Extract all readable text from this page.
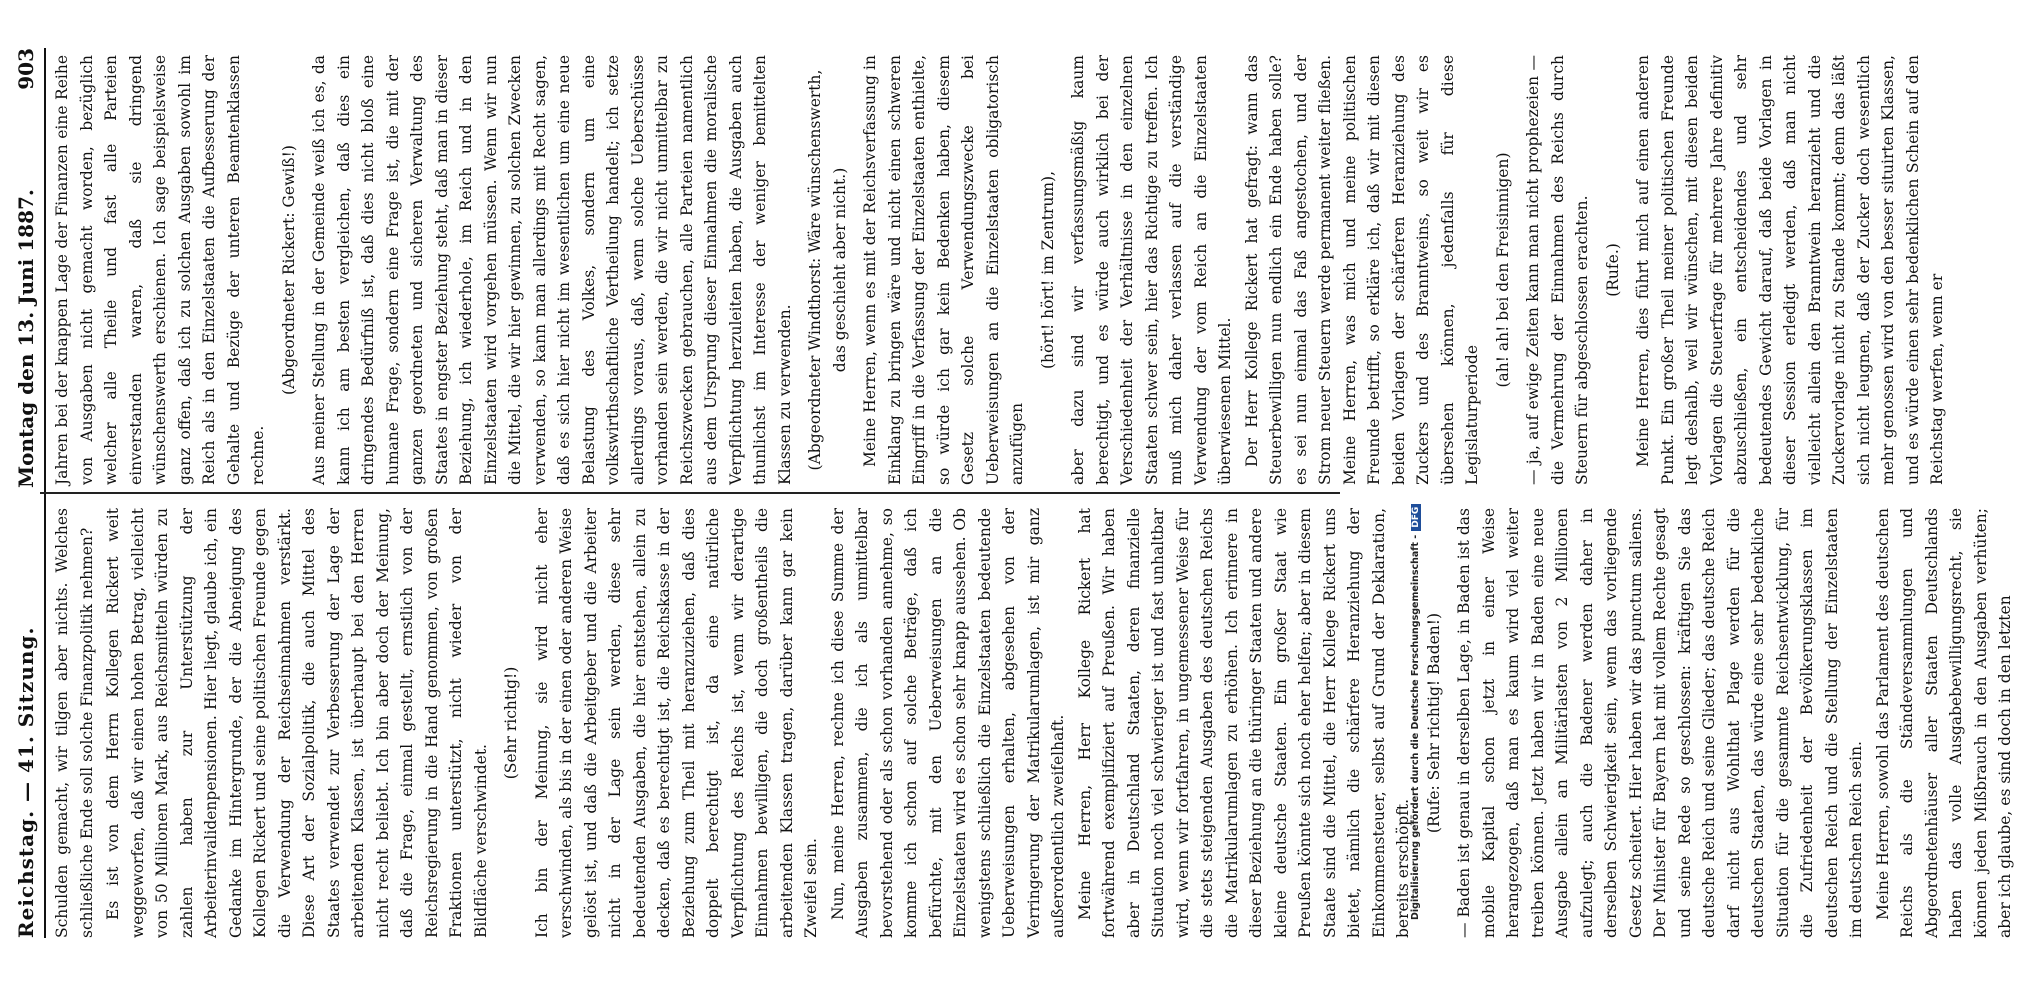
Reichstag. — 41. Sitzung.
Montag den 13. Juni 1887.
903

Schulden gemacht, wir tilgen aber nichts. Welches schließliche Ende soll solche Finanzpolitik nehmen? Es ist von dem Herrn Kollegen Rickert weit weggeworfen, daß wir einen hohen Betrag, vielleicht von 50 Millionen Mark, aus Reichsmitteln würden zu zahlen haben zur Unterstützung der Arbeiterinvalidenpensionen. Hier liegt, glaube ich, ein Gedanke im Hintergrunde, der die Abneigung des Kollegen Rickert und seine politischen Freunde gegen die Verwendung der Reichseinnahmen verstärkt. Diese Art der Sozialpolitik, die auch Mittel des Staates verwendet zur Verbesserung der Lage der arbeitenden Klassen, ist überhaupt bei den Herren nicht recht beliebt. Ich bin aber doch der Meinung, daß die Frage, einmal gestellt, ernstlich von der Reichsregierung in die Hand genommen, von großen Fraktionen unterstützt, nicht wieder von der Bildfläche verschwindet.

(Sehr richtig!) Ich bin der Meinung, sie wird nicht eher verschwinden, als bis in der einen oder anderen Weise gelöst ist, und daß die Arbeitgeber und die Arbeiter nicht in der Lage sein werden, diese sehr bedeutenden Ausgaben, die hier entstehen, allein zu decken, daß es berechtigt ist, die Reichskasse in der Beziehung zum Theil mit heranzuziehen, daß dies doppelt berechtigt ist, da eine natürliche Verpflichtung des Reichs ist, wenn wir derartige Einnahmen bewilligen, die doch großentheils die arbeitenden Klassen tragen, darüber kann gar kein Zweifel sein. Nun, meine Herren, rechne ich diese Summe der Ausgaben zusammen, die ich als unmittelbar bevorstehend oder als schon vorhanden annehme, so komme ich schon auf solche Beträge, daß ich befürchte, mit den Ueberweisungen an die Einzelstaaten wird es schon sehr knapp aussehen. Ob wenigstens schließlich die Einzelstaaten bedeutende Ueberweisungen erhalten, abgesehen von der Verringerung der Matrikularumlagen, ist mir ganz außerordentlich zweifelhaft. Meine Herren, Herr Kollege Rickert hat fortwährend exemplifiziert auf Preußen. Wir haben aber in Deutschland Staaten, deren finanzielle Situation noch viel schwieriger ist und fast unhaltbar wird, wenn wir fortfahren, in ungemessener Weise für die stets steigenden Ausgaben des deutschen Reichs die Matrikularumlagen zu erhöhen. Ich erinnere in dieser Beziehung an die thüringer Staaten und andere kleine deutsche Staaten. Ein großer Staat wie Preußen könnte sich noch eher helfen; aber in diesem Staate sind die Mittel, die Herr Kollege Rickert uns bietet, nämlich die schärfere Heranziehung der Einkommensteuer, selbst auf Grund der Deklaration, bereits erschöpft.

(Rufe: Sehr richtig! Baden!) — Baden ist genau in derselben Lage, in Baden ist das mobile Kapital schon jetzt in einer Weise herangezogen, daß man es kaum wird viel weiter treiben können. Jetzt haben wir in Baden eine neue Ausgabe allein an Militärlasten von 2 Millionen aufzulegt; auch die Badener werden daher in derselben Schwierigkeit sein, wenn das vorliegende Gesetz scheitert. Hier haben wir das punctum saliens. Der Minister für Bayern hat mit vollem Rechte gesagt und seine Rede so geschlossen: kräftigen Sie das deutsche Reich und seine Glieder; das deutsche Reich darf nicht aus Wohlthat Plage werden für die deutschen Staaten, das würde eine sehr bedenkliche Situation für die gesammte Reichsentwicklung, für die Zufriedenheit der Bevölkerungsklassen im deutschen Reich und die Stellung der Einzelstaaten im deutschen Reich sein. Meine Herren, sowohl das Parlament des deutschen Reichs als die Ständeversammlungen und Abgeordnetenhäuser aller Staaten Deutschlands haben das volle Ausgabebewilligungsrecht, sie können jeden Mißbrauch in den Ausgaben verhüten; aber ich glaube, es sind doch in den letzten

Jahren bei der knappen Lage der Finanzen eine Reihe von Ausgaben nicht gemacht worden, bezüglich welcher alle Theile und fast alle Parteien einverstanden waren, daß sie dringend wünschenswerth erschienen. Ich sage beispielsweise ganz offen, daß ich zu solchen Ausgaben sowohl im Reich als in den Einzelstaaten die Aufbesserung der Gehalte und Bezüge der unteren Beamtenklassen rechne.

(Abgeordneter Rickert: Gewiß!) Aus meiner Stellung in der Gemeinde weiß ich es, da kann ich am besten vergleichen, daß dies ein dringendes Bedürfniß ist, daß dies nicht bloß eine humane Frage, sondern eine Frage ist, die mit der ganzen geordneten und sicheren Verwaltung des Staates in engster Beziehung steht, daß man in dieser Beziehung, ich wiederhole, im Reich und in den Einzelstaaten wird vorgehen müssen. Wenn wir nun die Mittel, die wir hier gewinnen, zu solchen Zwecken verwenden, so kann man allerdings mit Recht sagen, daß es sich hier nicht im wesentlichen um eine neue Belastung des Volkes, sondern um eine volkswirthschaftliche Vertheilung handelt; ich setze allerdings voraus, daß, wenn solche Ueberschüsse vorhanden sein werden, die wir nicht unmittelbar zu Reichszwecken gebrauchen, alle Parteien namentlich aus dem Ursprung dieser Einnahmen die moralische Verpflichtung herzuleiten haben, die Ausgaben auch thunlichst im Interesse der weniger bemittelten Klassen zu verwenden. (Abgeordneter Windthorst: Wäre wünschenswerth, das geschieht aber nicht.) Meine Herren, wenn es mit der Reichsverfassung in Einklang zu bringen wäre und nicht einen schweren Eingriff in die Verfassung der Einzelstaaten enthielte, so würde ich gar kein Bedenken haben, diesem Gesetz solche Verwendungszwecke bei Ueberweisungen an die Einzelstaaten obligatorisch anzufügen

(hört! hört! im Zentrum), aber dazu sind wir verfassungsmäßig kaum berechtigt, und es würde auch wirklich bei der Verschiedenheit der Verhältnisse in den einzelnen Staaten schwer sein, hier das Richtige zu treffen. Ich muß mich daher verlassen auf die verständige Verwendung der vom Reich an die Einzelstaaten überwiesenen Mittel. Der Herr Kollege Rickert hat gefragt: wann das Steuerbewilligen nun endlich ein Ende haben solle? es sei nun einmal das Faß angestochen, und der Strom neuer Steuern werde permanent weiter fließen. Meine Herren, was mich und meine politischen Freunde betrifft, so erkläre ich, daß wir mit diesen beiden Vorlagen der schärferen Heranziehung des Zuckers und des Branntweins, so weit wir es übersehen können, jedenfalls für diese Legislaturperiode

(ah! ah! bei den Freisinnigen) — ja, auf ewige Zeiten kann man nicht prophezeien — die Vermehrung der Einnahmen des Reichs durch Steuern für abgeschlossen erachten. (Rufe.) Meine Herren, dies führt mich auf einen anderen Punkt. Ein großer Theil meiner politischen Freunde legt deshalb, weil wir wünschen, mit diesen beiden Vorlagen die Steuerfrage für mehrere Jahre definitiv abzuschließen, ein entscheidendes und sehr bedeutendes Gewicht darauf, daß beide Vorlagen in dieser Session erledigt werden, daß man nicht vielleicht allein den Branntwein heranzieht und die Zuckervorlage nicht zu Stande kommt; denn das läßt sich nicht leugnen, daß der Zucker doch wesentlich mehr genossen wird von den besser situirten Klassen, und es würde einen sehr bedenklichen Schein auf den Reichstag werfen, wenn er

Digitalisierung gefördert durch die Deutsche Forschungsgemeinschaft -DFG
